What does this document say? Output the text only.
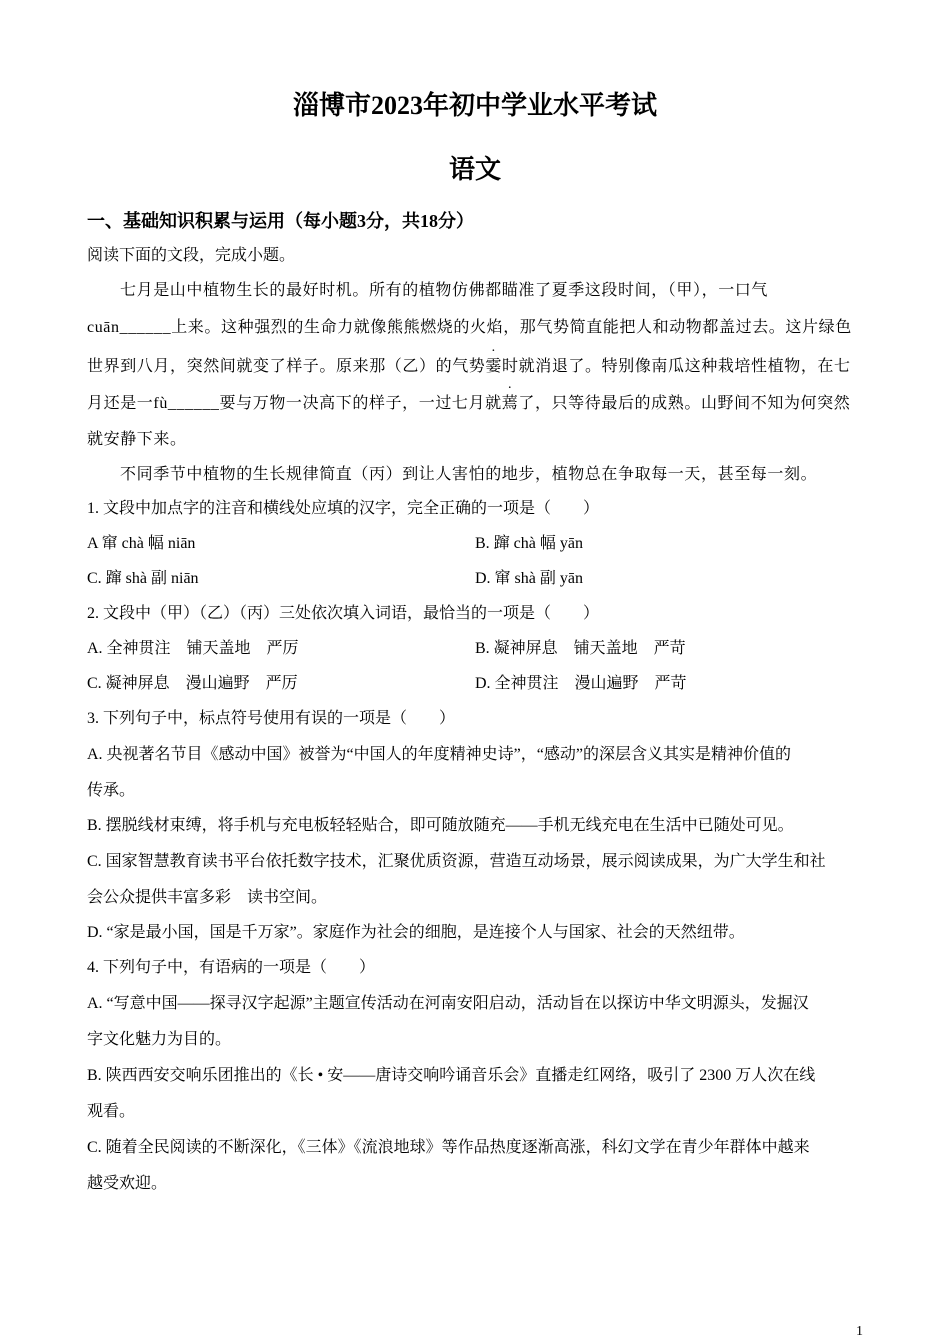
淄博市2023年初中学业水平考试
语文
一、基础知识积累与运用（每小题3分，共18分）
阅读下面的文段，完成小题。
七月是山中植物生长的最好时机。所有的植物仿佛都瞄准了夏季这段时间，（甲），一口气
cuān______上来。这种强烈的生命力就像熊熊燃烧的火焰，那气势简直能把人和动物都盖过去。这片绿色
世界到八月，突然间就变了样子。原来那（乙）的气势霎时就消退了。特别像南瓜这种栽培性植物，在七
月还是一fù______要与万物一决高下的样子，一过七月就蔫了，只等待最后的成熟。山野间不知为何突然
就安静下来。
不同季节中植物的生长规律简直（丙）到让人害怕的地步，植物总在争取每一天，甚至每一刻。
1. 文段中加点字的注音和横线处应填的汉字，完全正确的一项是（　　）
A 窜 chà 幅 niān	B. 蹿 chà 幅 yān
C. 蹿 shà 副 niān	D. 窜 shà 副 yān
2. 文段中（甲）（乙）（丙）三处依次填入词语，最恰当的一项是（　　）
A. 全神贯注　铺天盖地　严厉	B. 凝神屏息　铺天盖地　严苛
C. 凝神屏息　漫山遍野　严厉	D. 全神贯注　漫山遍野　严苛
3. 下列句子中，标点符号使用有误的一项是（　　）
A. 央视著名节目《感动中国》被誉为“中国人的年度精神史诗”，“感动”的深层含义其实是精神价值的
传承。
B. 摆脱线材束缚，将手机与充电板轻轻贴合，即可随放随充——手机无线充电在生活中已随处可见。
C. 国家智慧教育读书平台依托数字技术，汇聚优质资源，营造互动场景，展示阅读成果，为广大学生和社
会公众提供丰富多彩　读书空间。
D. “家是最小国，国是千万家”。家庭作为社会的细胞，是连接个人与国家、社会的天然纽带。
4. 下列句子中，有语病的一项是（　　）
A. “写意中国——探寻汉字起源”主题宣传活动在河南安阳启动，活动旨在以探访中华文明源头，发掘汉
字文化魅力为目的。
B. 陕西西安交响乐团推出的《长 • 安——唐诗交响吟诵音乐会》直播走红网络，吸引了 2300 万人次在线
观看。
C. 随着全民阅读的不断深化，《三体》《流浪地球》等作品热度逐渐高涨，科幻文学在青少年群体中越来
越受欢迎。
1
